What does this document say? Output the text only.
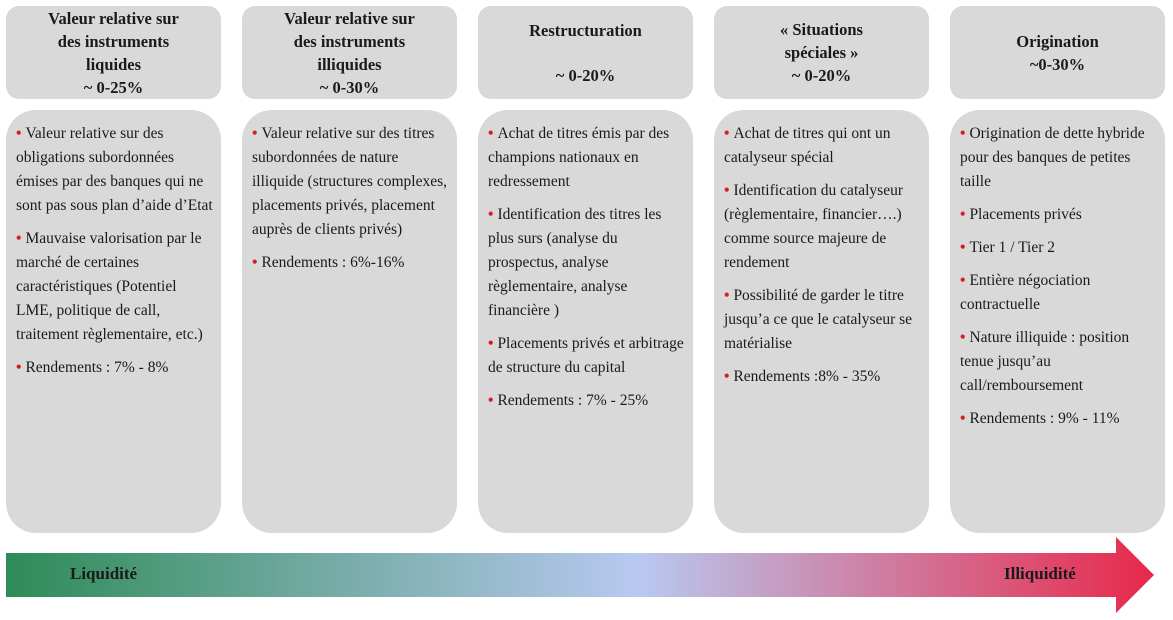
Valeur relative sur
des instruments
liquides
~ 0-25%
• Valeur relative sur des obligations subordonnées émises par des banques qui ne sont pas sous plan d’aide d’Etat
• Mauvaise valorisation par le marché de certaines caractéristiques (Potentiel LME, politique de call, traitement règlementaire, etc.)
• Rendements : 7% - 8%
Valeur relative sur
des instruments
illiquides
~ 0-30%
• Valeur relative sur des titres subordonnées de nature illiquide (structures complexes, placements privés, placement auprès de clients privés)
• Rendements : 6%-16%
Restructuration
~ 0-20%
• Achat de titres émis par des champions nationaux en redressement
• Identification des titres les plus surs (analyse du prospectus, analyse règlementaire, analyse financière )
• Placements privés et arbitrage de structure du capital
• Rendements : 7% - 25%
« Situations
spéciales »
~ 0-20%
• Achat de titres qui ont un catalyseur spécial
• Identification du catalyseur (règlementaire, financier….) comme source majeure de rendement
• Possibilité de garder le titre jusqu’a ce que le catalyseur se matérialise
• Rendements :8% - 35%
Origination
~0-30%
• Origination de dette hybride pour des banques de petites taille
• Placements privés
• Tier 1 / Tier 2
• Entière négociation contractuelle
• Nature illiquide : position tenue jusqu’au call/remboursement
• Rendements : 9% - 11%
Liquidité	Illiquidité
